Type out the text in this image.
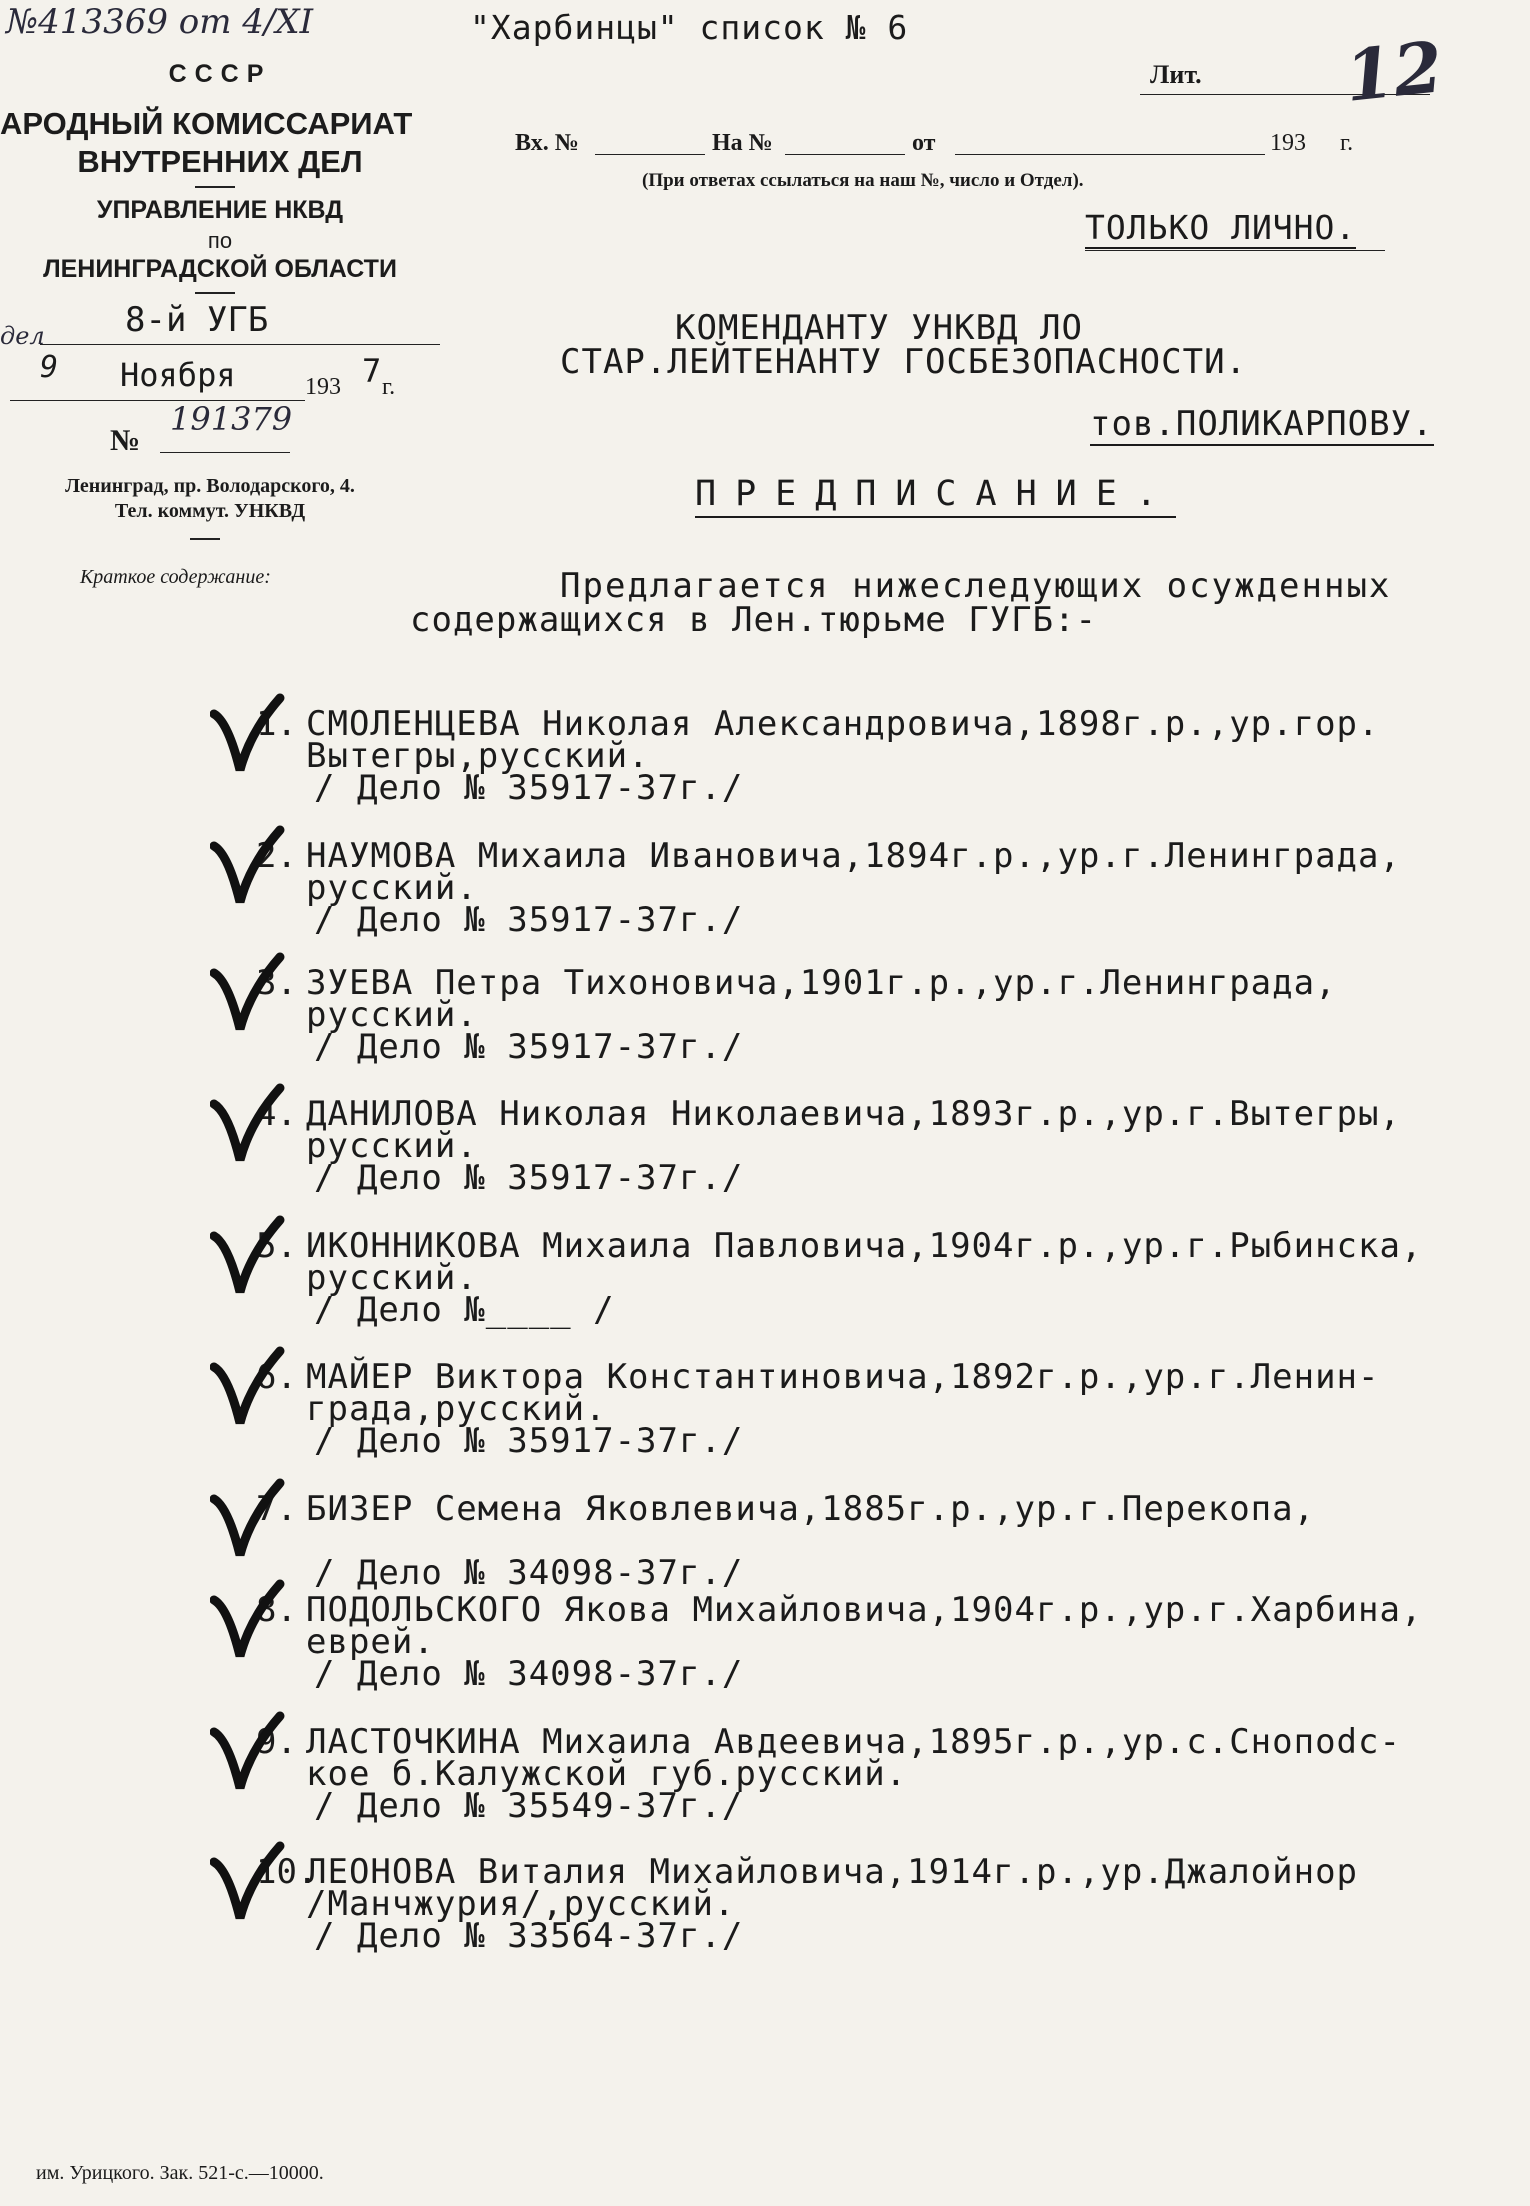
№413369 от 4/XI	"Харбинцы" список № 6
Лит. 12
СССР
АРОДНЫЙ КОМИССАРИАТ
ВНУТРЕННИХ ДЕЛ
УПРАВЛЕНИЕ НКВД
по
ЛЕНИНГРАДСКОЙ ОБЛАСТИ
дел 8-й УГБ
9 Ноября	193 7 г.
№
191379
Ленинград, пр. Володарского, 4.
Тел. коммут. УНКВД
Краткое содержание:
Вх. №	На №	от	193 г.
(При ответах ссылаться на наш №, число и Отдел).
ТОЛЬКО ЛИЧНО.
КОМЕНДАНТУ УНКВД ЛО
СТАР.ЛЕЙТЕНАНТУ ГОСБЕЗОПАСНОСТИ.
тов.ПОЛИКАРПОВУ.
ПРЕДПИСАНИЕ.
Предлагается нижеследующих осужденных
содержащихся в Лен.тюрьме ГУГБ:-
1. СМОЛЕНЦЕВА Николая Александровича,1898г.р.,ур.гор.
Вытегры,русский.
/ Дело № 35917-37г./
2. НАУМОВА Михаила Ивановича,1894г.р.,ур.г.Ленинграда,
русский.
/ Дело № 35917-37г./
3. ЗУЕВА Петра Тихоновича,1901г.р.,ур.г.Ленинграда,
русский.
/ Дело № 35917-37г./
4. ДАНИЛОВА Николая Николаевича,1893г.р.,ур.г.Вытегры,
русский.
/ Дело № 35917-37г./
5. ИКОННИКОВА Михаила Павловича,1904г.р.,ур.г.Рыбинска,
русский.
/ Дело №____ /
6. МАЙЕР Виктора Константиновича,1892г.р.,ур.г.Ленин-
града,русский.
/ Дело № 35917-37г./
7. БИЗЕР Семена Яковлевича,1885г.р.,ур.г.Перекопа,
/ Дело № 34098-37г./
8. ПОДОЛЬСКОГО Якова Михайловича,1904г.р.,ур.г.Харбина,
еврей.
/ Дело № 34098-37г./
9. ЛАСТОЧКИНА Михаила Авдеевича,1895г.р.,ур.с.Снопodс-
кое б.Калужской губ.русский.
/ Дело № 35549-37г./
10.
ЛЕОНОВА Виталия Михайловича,1914г.р.,ур.Джалойнор
/Манчжурия/,русский.
/ Дело № 33564-37г./
им. Урицкого. Зак. 521-с.—10000.
